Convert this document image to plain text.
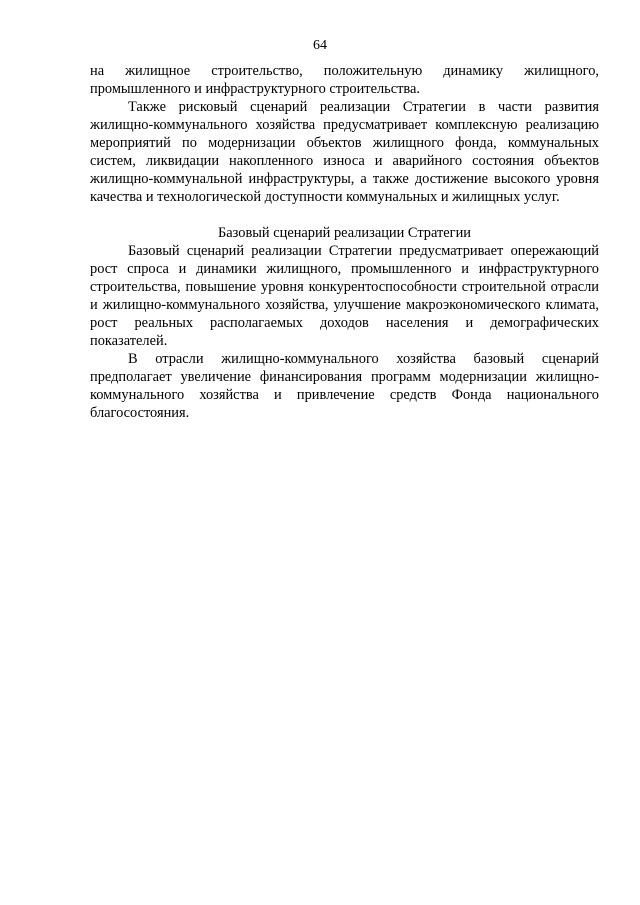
64

на жилищное строительство, положительную динамику жилищного, промышленного и инфраструктурного строительства.

Также рисковый сценарий реализации Стратегии в части развития жилищно-коммунального хозяйства предусматривает комплексную реализацию мероприятий по модернизации объектов жилищного фонда, коммунальных систем, ликвидации накопленного износа и аварийного состояния объектов жилищно-коммунальной инфраструктуры, а также достижение высокого уровня качества и технологической доступности коммунальных и жилищных услуг.

Базовый сценарий реализации Стратегии

Базовый сценарий реализации Стратегии предусматривает опережающий рост спроса и динамики жилищного, промышленного и инфраструктурного строительства, повышение уровня конкурентоспособности строительной отрасли и жилищно-коммунального хозяйства, улучшение макроэкономического климата, рост реальных располагаемых доходов населения и демографических показателей.

В отрасли жилищно-коммунального хозяйства базовый сценарий предполагает увеличение финансирования программ модернизации жилищно-коммунального хозяйства и привлечение средств Фонда национального благосостояния.
